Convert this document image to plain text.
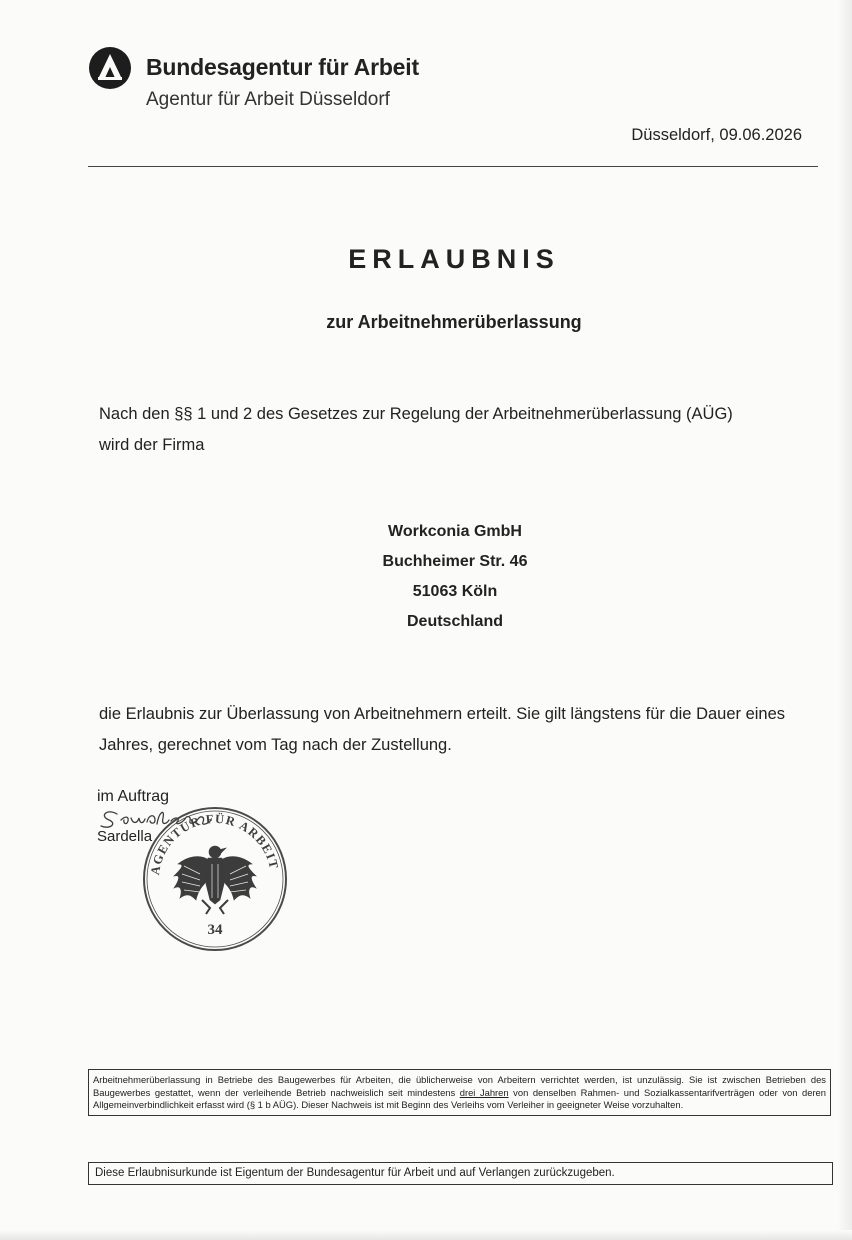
Bundesagentur für Arbeit
Agentur für Arbeit Düsseldorf
Düsseldorf, 09.06.2026
ERLAUBNIS
zur Arbeitnehmerüberlassung
Nach den §§ 1 und 2 des Gesetzes zur Regelung der Arbeitnehmerüberlassung (AÜG)
wird der Firma
Workconia GmbH
Buchheimer Str. 46
51063 Köln
Deutschland
die Erlaubnis zur Überlassung von Arbeitnehmern erteilt. Sie gilt längstens für die Dauer eines
Jahres, gerechnet vom Tag nach der Zustellung.
im Auftrag
Sardella
AGENTUR FÜR ARBEIT
34
Arbeitnehmerüberlassung in Betriebe des Baugewerbes für Arbeiten, die üblicherweise von Arbeitern verrichtet werden, ist unzulässig. Sie ist zwischen Betrieben des Baugewerbes gestattet, wenn der verleihende Betrieb nachweislich seit mindestens drei Jahren von denselben Rahmen- und Sozialkassentarifverträgen oder von deren Allgemeinverbindlichkeit erfasst wird (§ 1 b AÜG). Dieser Nachweis ist mit Beginn des Verleihs vom Verleiher in geeigneter Weise vorzuhalten.
Diese Erlaubnisurkunde ist Eigentum der Bundesagentur für Arbeit und auf Verlangen zurückzugeben.
